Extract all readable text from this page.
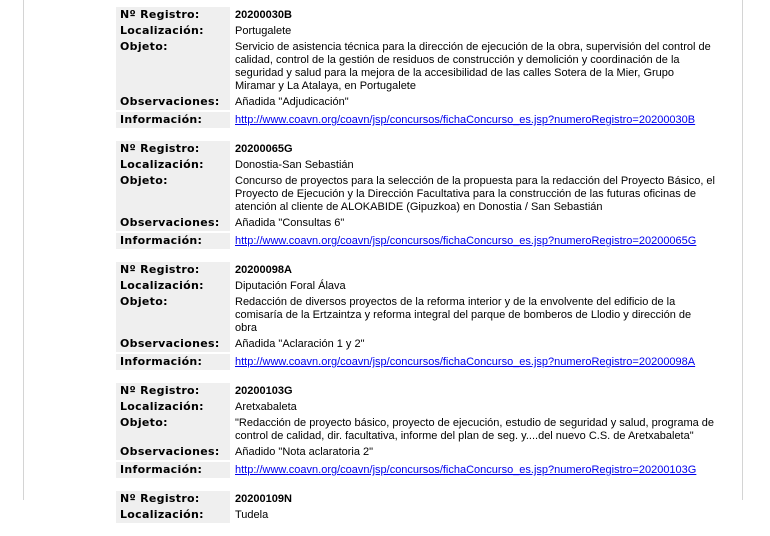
Nº Registro:	20200030B
Localización:	Portugalete
Objeto:	Servicio de asistencia técnica para la dirección de ejecución de la obra, supervisión del control de calidad, control de la gestión de residuos de construcción y demolición y coordinación de la seguridad y salud para la mejora de la accesibilidad de las calles Sotera de la Mier, Grupo Miramar y La Atalaya, en Portugalete
Observaciones:	Añadida "Adjudicación"
Información:	http://www.coavn.org/coavn/jsp/concursos/fichaConcurso_es.jsp?numeroRegistro=20200030B
Nº Registro:	20200065G
Localización:	Donostia-San Sebastián
Objeto:	Concurso de proyectos para la selección de la propuesta para la redacción del Proyecto Básico, el Proyecto de Ejecución y la Dirección Facultativa para la construcción de las futuras oficinas de atención al cliente de ALOKABIDE (Gipuzkoa) en Donostia / San Sebastián
Observaciones:	Añadida "Consultas 6"
Información:	http://www.coavn.org/coavn/jsp/concursos/fichaConcurso_es.jsp?numeroRegistro=20200065G
Nº Registro:	20200098A
Localización:	Diputación Foral Álava
Objeto:	Redacción de diversos proyectos de la reforma interior y de la envolvente del edificio de la comisaría de la Ertzaintza y reforma integral del parque de bomberos de Llodio y dirección de obra
Observaciones:	Añadida "Aclaración 1 y 2"
Información:	http://www.coavn.org/coavn/jsp/concursos/fichaConcurso_es.jsp?numeroRegistro=20200098A
Nº Registro:	20200103G
Localización:	Aretxabaleta
Objeto:	"Redacción de proyecto básico, proyecto de ejecución, estudio de seguridad y salud, programa de control de calidad, dir. facultativa, informe del plan de seg. y....del nuevo C.S. de Aretxabaleta"
Observaciones:	Añadido "Nota aclaratoria 2"
Información:	http://www.coavn.org/coavn/jsp/concursos/fichaConcurso_es.jsp?numeroRegistro=20200103G
Nº Registro:	20200109N
Localización:	Tudela
